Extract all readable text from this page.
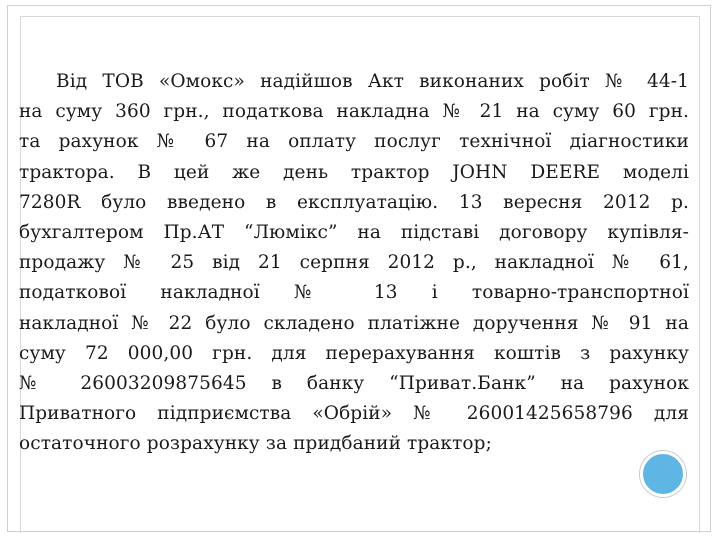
Від ТОВ «Омокс» надійшов Акт виконаних робіт № 44-1
на суму 360 грн., податкова накладна № 21 на суму 60 грн.
та рахунок № 67 на оплату послуг технічної діагностики
трактора. В цей же день трактор JOHN DEERE моделі
7280R було введено в експлуатацію. 13 вересня 2012 р.
бухгалтером Пр.АТ “Люмікс” на підставі договору купівля-
продажу № 25 від 21 серпня 2012 р., накладної № 61,
податкової накладної № 13 і товарно-транспортної
накладної № 22 було складено платіжне доручення № 91 на
суму 72 000,00 грн. для перерахування коштів з рахунку
№ 26003209875645 в банку “Приват.Банк” на рахунок
Приватного підприємства «Обрій» № 26001425658796 для
остаточного розрахунку за придбаний трактор;
